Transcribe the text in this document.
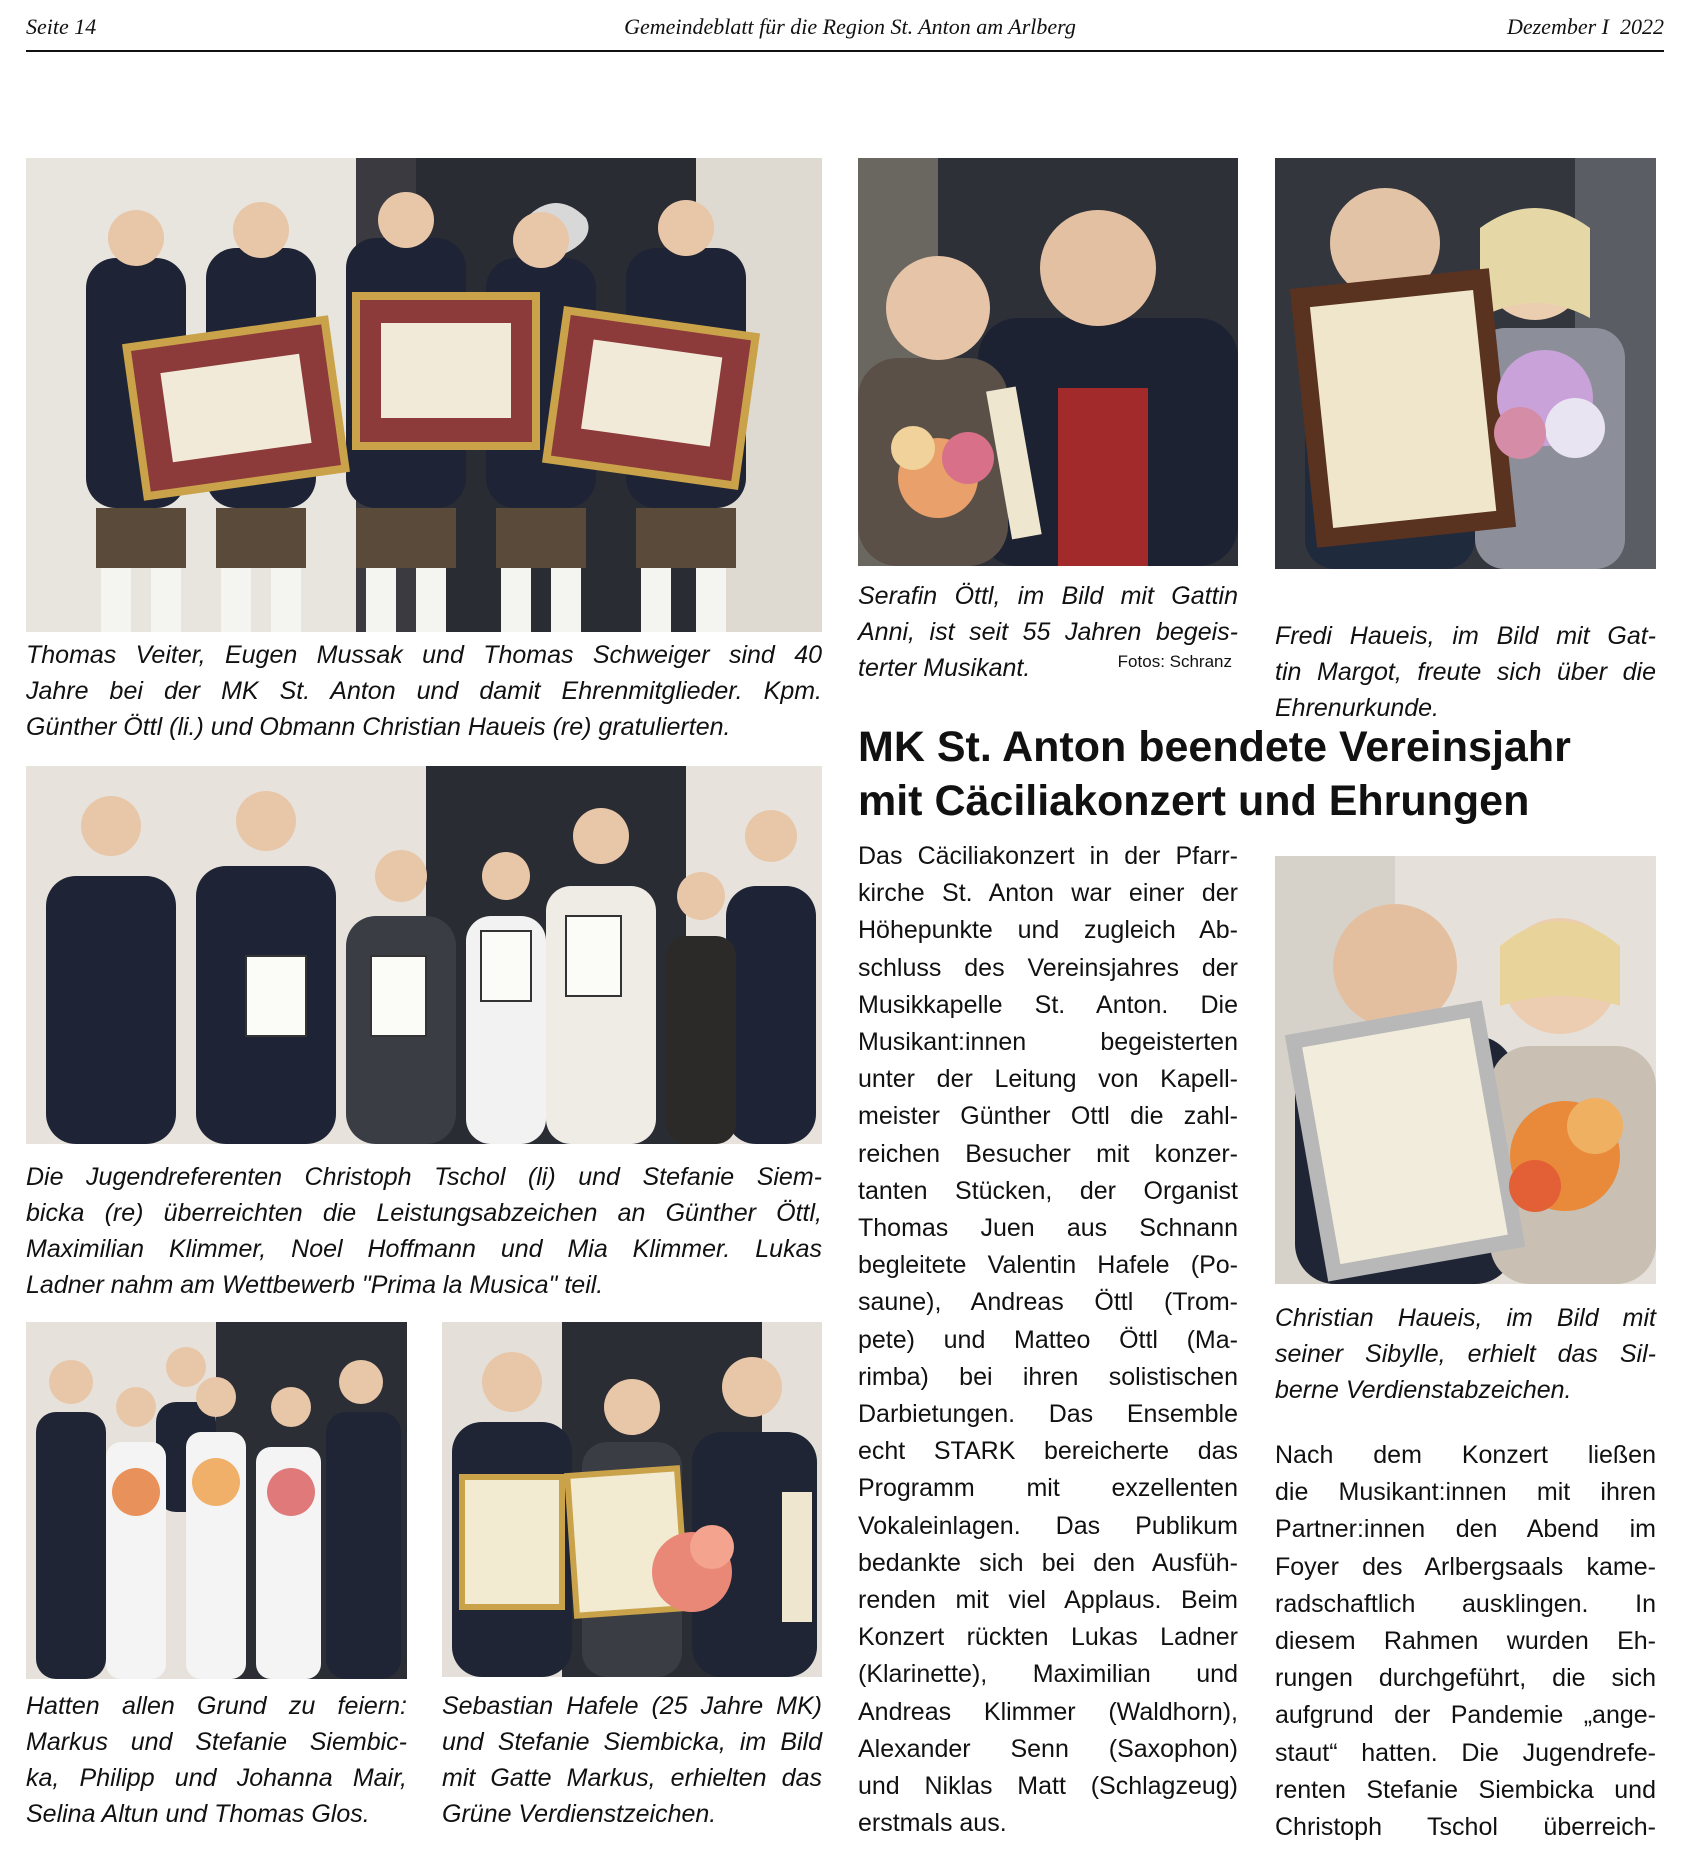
Seite 14	Gemeindeblatt für die Region St. Anton am Arlberg	Dezember I  2022
Thomas Veiter, Eugen Mussak und Thomas Schweiger sind 40
Jahre bei der MK St. Anton und damit Ehrenmitglieder. Kpm.
Günther Öttl (li.) und Obmann Christian Haueis (re) gratulierten.
Serafin Öttl, im Bild mit Gattin
Anni, ist seit 55 Jahren begeis-
terter Musikant.	Fotos: Schranz
Fredi Haueis, im Bild mit Gat-
tin Margot, freute sich über die
Ehrenurkunde.
MK St. Anton beendete Vereinsjahr
mit Cäciliakonzert und Ehrungen
Das Cäciliakonzert in der Pfarr-
kirche St. Anton war einer der
Höhepunkte und zugleich Ab-
schluss des Vereinsjahres der
Musikkapelle St. Anton. Die
Musikant:innen begeisterten
unter der Leitung von Kapell-
meister Günther Ottl die zahl-
reichen Besucher mit konzer-
tanten Stücken, der Organist
Thomas Juen aus Schnann
begleitete Valentin Hafele (Po-
saune), Andreas Öttl (Trom-
pete) und Matteo Öttl (Ma-
rimba) bei ihren solistischen
Darbietungen. Das Ensemble
echt STARK bereicherte das
Programm mit exzellenten
Vokaleinlagen. Das Publikum
bedankte sich bei den Ausfüh-
renden mit viel Applaus. Beim
Konzert rückten Lukas Ladner
(Klarinette), Maximilian und
Andreas Klimmer (Waldhorn),
Alexander Senn (Saxophon)
und Niklas Matt (Schlagzeug)
erstmals aus.
Die Jugendreferenten Christoph Tschol (li) und Stefanie Siem-
bicka (re) überreichten die Leistungsabzeichen an Günther Öttl,
Maximilian Klimmer, Noel Hoffmann und Mia Klimmer. Lukas
Ladner nahm am Wettbewerb "Prima la Musica" teil.
Christian Haueis, im Bild mit
seiner Sibylle, erhielt das Sil-
berne Verdienstabzeichen.
Nach dem Konzert ließen
die Musikant:innen mit ihren
Partner:innen den Abend im
Foyer des Arlbergsaals kame-
radschaftlich ausklingen. In
diesem Rahmen wurden Eh-
rungen durchgeführt, die sich
aufgrund der Pandemie „ange-
staut“ hatten. Die Jugendrefe-
renten Stefanie Siembicka und
Christoph Tschol überreich-
Hatten allen Grund zu feiern:
Markus und Stefanie Siembic-
ka, Philipp und Johanna Mair,
Selina Altun und Thomas Glos.
Sebastian Hafele (25 Jahre MK)
und Stefanie Siembicka, im Bild
mit Gatte Markus, erhielten das
Grüne Verdienstzeichen.
